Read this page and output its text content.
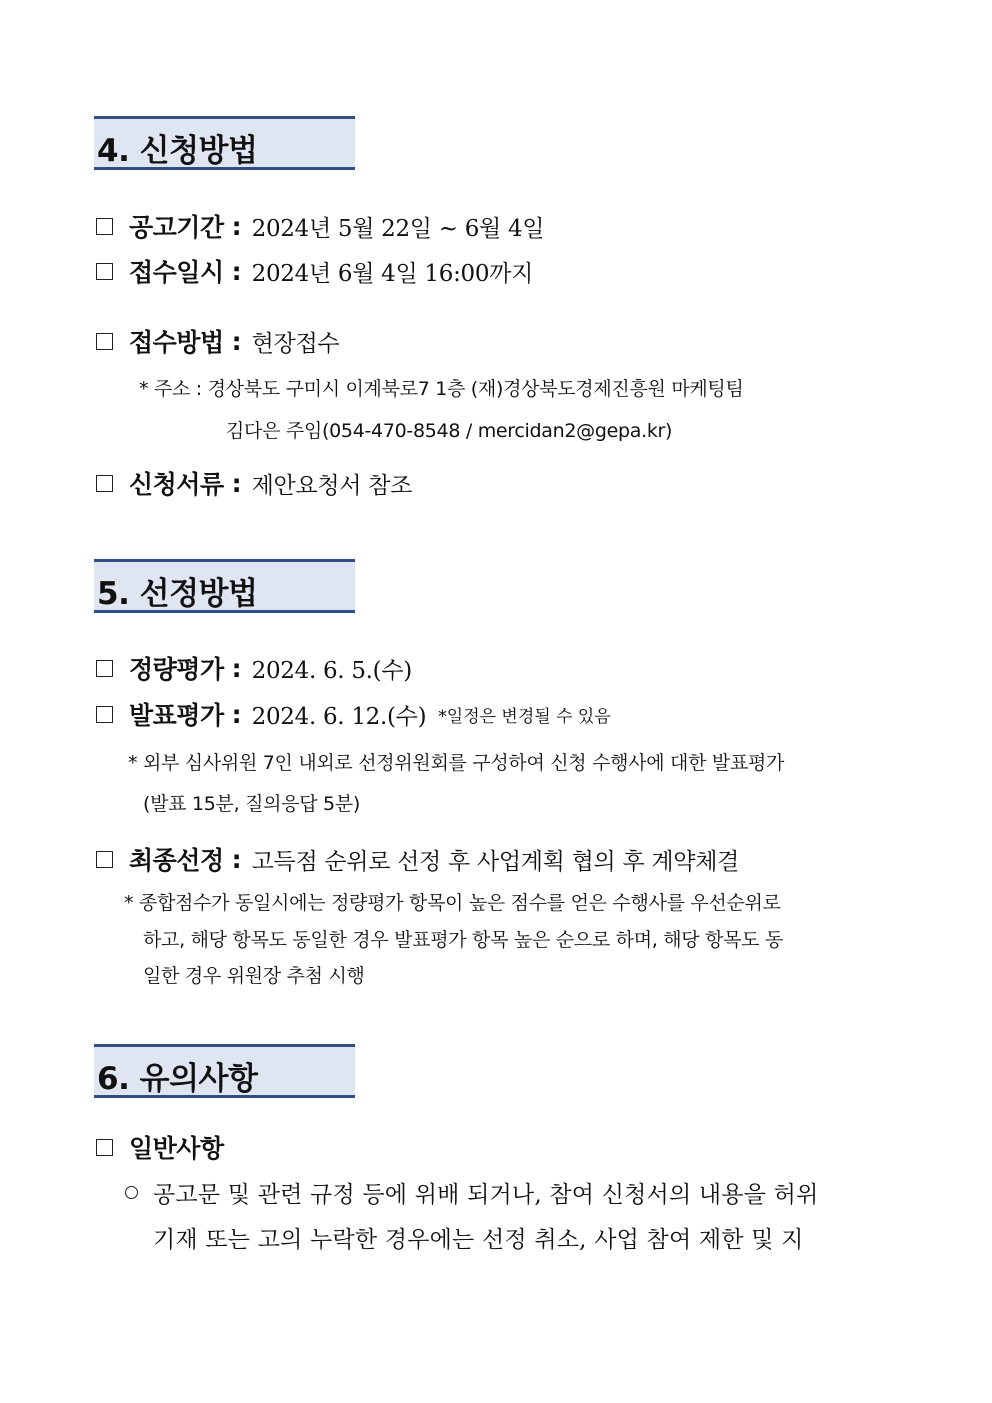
4. 신청방법
공고기간 : 2024년 5월 22일 ~ 6월 4일
접수일시 : 2024년 6월 4일 16:00까지
접수방법 : 현장접수
* 주소 : 경상북도 구미시 이계북로7 1층 (재)경상북도경제진흥원 마케팅팀
김다은 주임(054-470-8548 / mercidan2@gepa.kr)
신청서류 : 제안요청서 참조
5. 선정방법
정량평가 : 2024. 6. 5.(수)
발표평가 : 2024. 6. 12.(수) *일정은 변경될 수 있음
* 외부 심사위원 7인 내외로 선정위원회를 구성하여 신청 수행사에 대한 발표평가
(발표 15분, 질의응답 5분)
최종선정 : 고득점 순위로 선정 후 사업계획 협의 후 계약체결
* 종합점수가 동일시에는 정량평가 항목이 높은 점수를 얻은 수행사를 우선순위로
하고, 해당 항목도 동일한 경우 발표평가 항목 높은 순으로 하며, 해당 항목도 동
일한 경우 위원장 추첨 시행
6. 유의사항
일반사항
공고문 및 관련 규정 등에 위배 되거나, 참여 신청서의 내용을 허위
기재 또는 고의 누락한 경우에는 선정 취소, 사업 참여 제한 및 지
